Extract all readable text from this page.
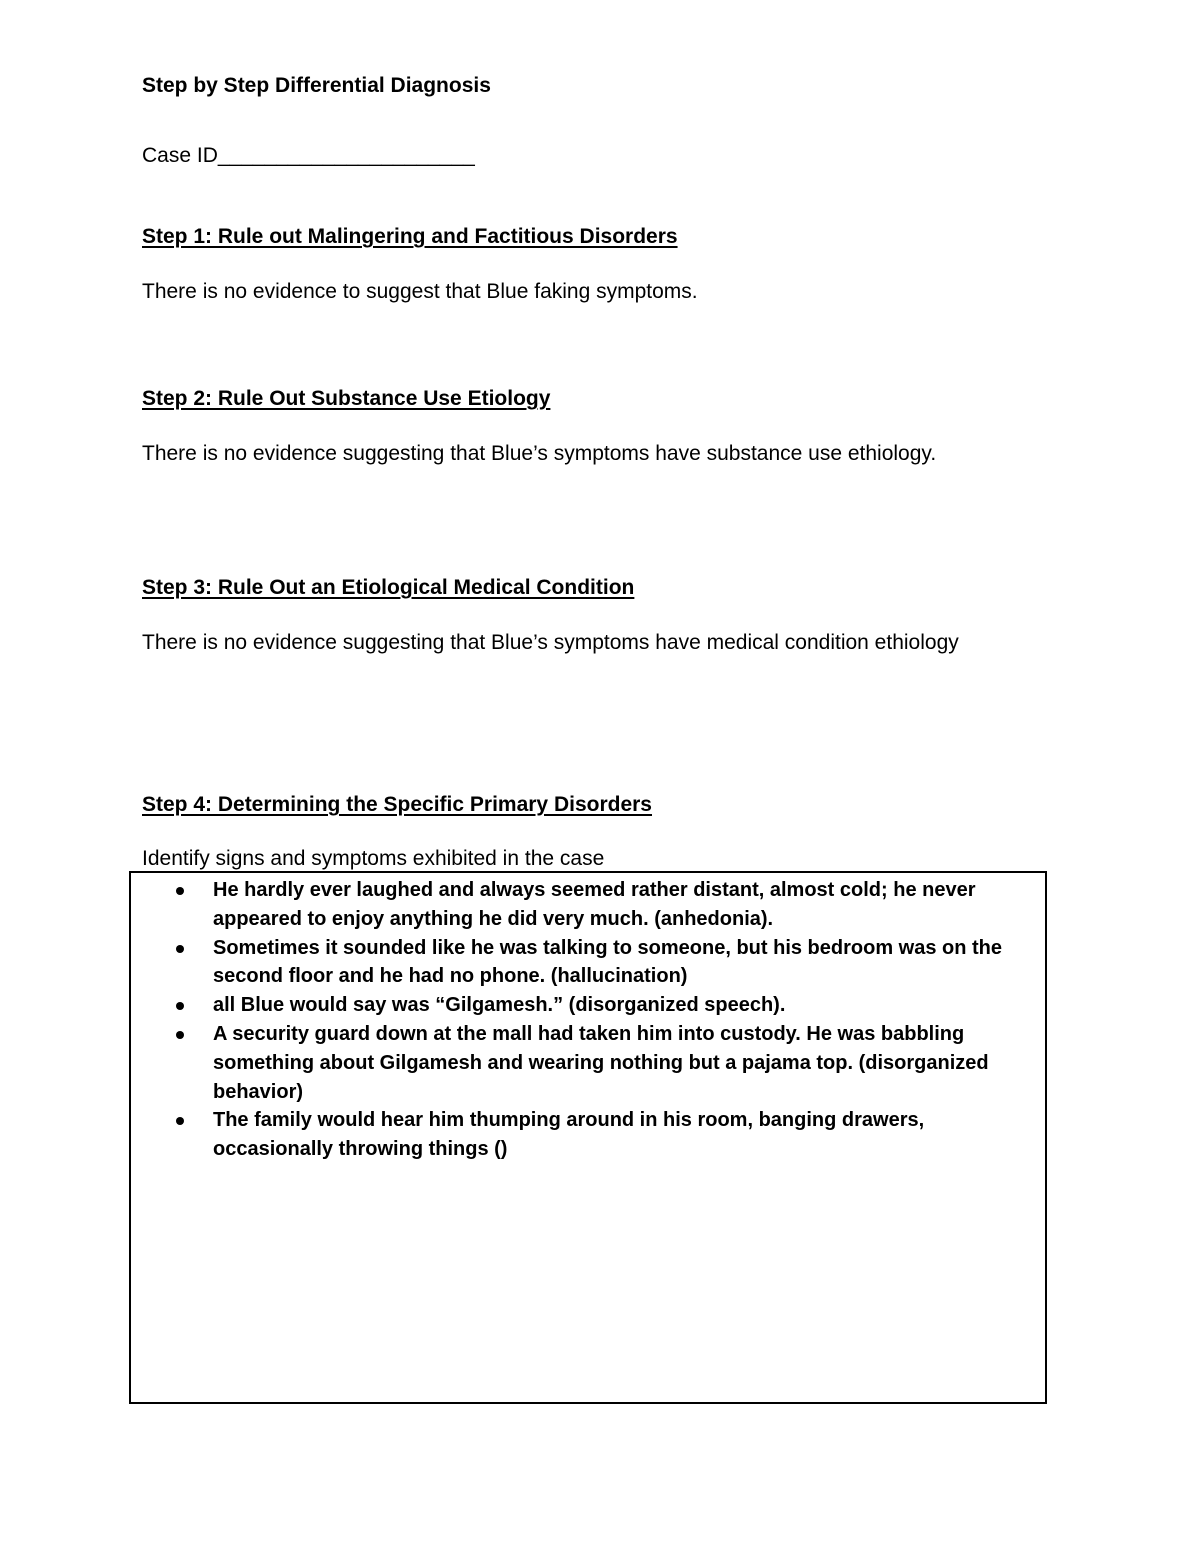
Step by Step Differential Diagnosis
Case ID______________________
Step 1: Rule out Malingering and Factitious Disorders
There is no evidence to suggest that Blue faking symptoms.
Step 2: Rule Out Substance Use Etiology
There is no evidence suggesting that Blue’s symptoms have substance use ethiology.
Step 3: Rule Out an Etiological Medical Condition
There is no evidence suggesting that Blue’s symptoms have medical condition ethiology
Step 4: Determining the Specific Primary Disorders
Identify signs and symptoms exhibited in the case
He hardly ever laughed and always seemed rather distant, almost cold; he never
appeared to enjoy anything he did very much. (anhedonia).
Sometimes it sounded like he was talking to someone, but his bedroom was on the
second floor and he had no phone. (hallucination)
all Blue would say was “Gilgamesh.” (disorganized speech).
A security guard down at the mall had taken him into custody. He was babbling
something about Gilgamesh and wearing nothing but a pajama top. (disorganized
behavior)
The family would hear him thumping around in his room, banging drawers,
occasionally throwing things ()
